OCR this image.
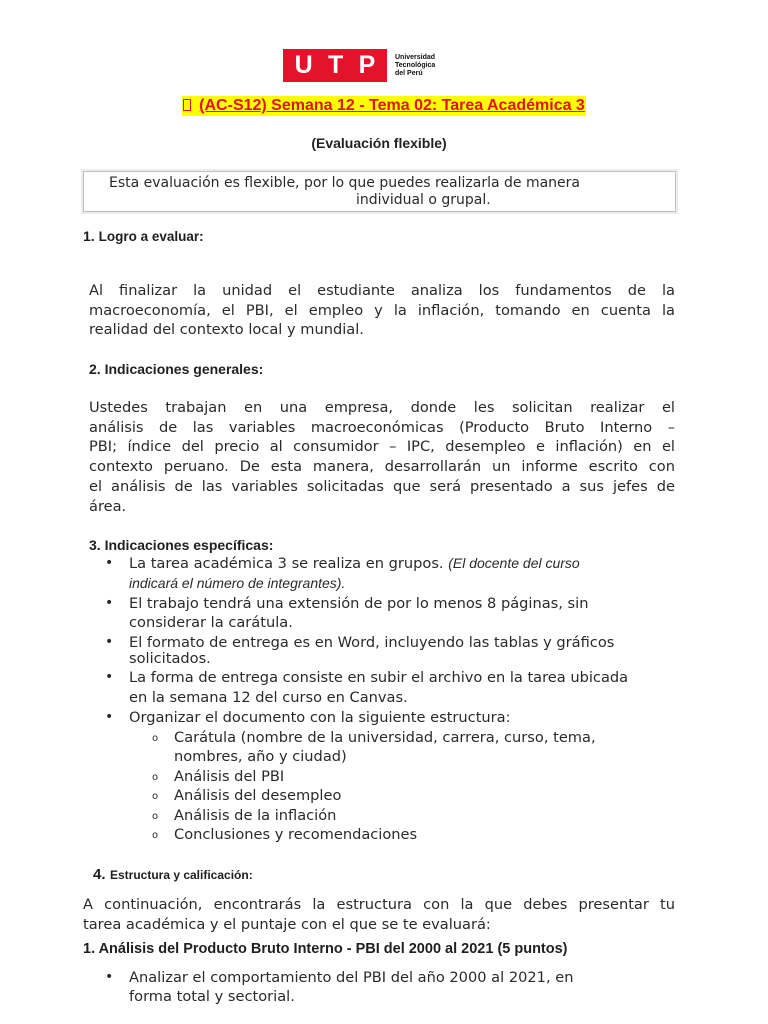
U T P	Universidad
Tecnológica
del Perú
(AC-S12) Semana 12 - Tema 02: Tarea Académica 3
(Evaluación flexible)
Esta evaluación es flexible, por lo que puedes realizarla de manera
individual o grupal.
1. Logro a evaluar:
Al finalizar la unidad el estudiante analiza los fundamentos de la
macroeconomía, el PBI, el empleo y la inflación, tomando en cuenta la
realidad del contexto local y mundial.
2. Indicaciones generales:
Ustedes trabajan en una empresa, donde les solicitan realizar el
análisis de las variables macroeconómicas (Producto Bruto Interno –
PBI; índice del precio al consumidor – IPC, desempleo e inflación) en el
contexto peruano. De esta manera, desarrollarán un informe escrito con
el análisis de las variables solicitadas que será presentado a sus jefes de
área.
3. Indicaciones específicas:
• La tarea académica 3 se realiza en grupos. (El docente del curso
indicará el número de integrantes).
• El trabajo tendrá una extensión de por lo menos 8 páginas, sin
considerar la carátula.
• El formato de entrega es en Word, incluyendo las tablas y gráficos
solicitados.
• La forma de entrega consiste en subir el archivo en la tarea ubicada
en la semana 12 del curso en Canvas.
• Organizar el documento con la siguiente estructura:
o Carátula (nombre de la universidad, carrera, curso, tema,
nombres, año y ciudad)
o Análisis del PBI
o Análisis del desempleo
o Análisis de la inflación
o Conclusiones y recomendaciones
4. Estructura y calificación:
A continuación, encontrarás la estructura con la que debes presentar tu
tarea académica y el puntaje con el que se te evaluará:
1. Análisis del Producto Bruto Interno - PBI del 2000 al 2021 (5 puntos)
• Analizar el comportamiento del PBI del año 2000 al 2021, en
forma total y sectorial.
